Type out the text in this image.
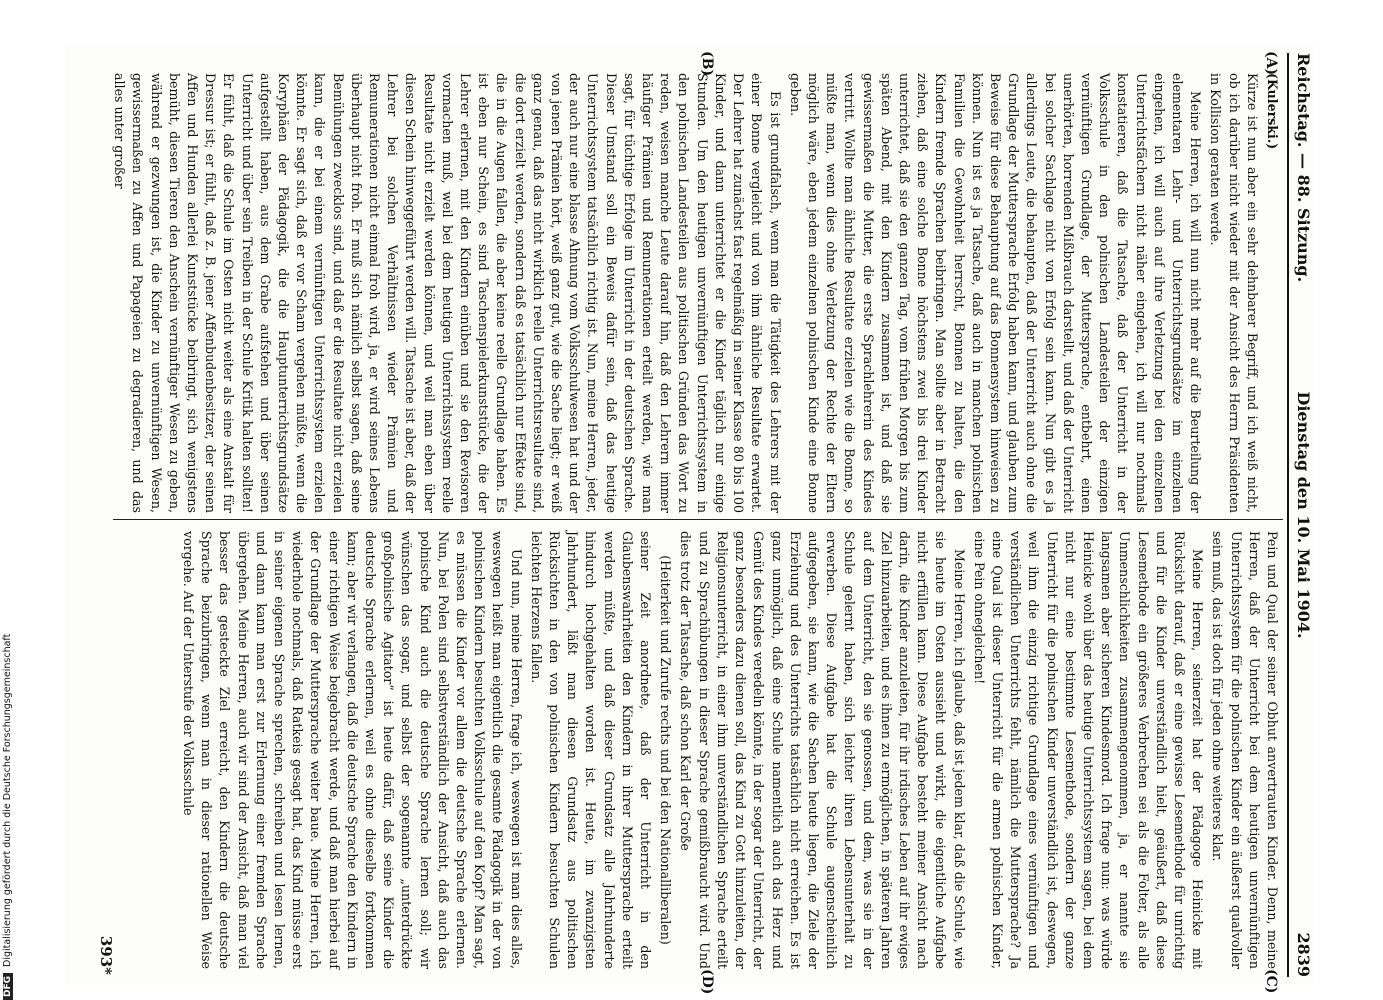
Reichstag. — 88. Sitzung.
Dienstag den 10. Mai 1904.
2839
(A)
(B)
(C)
(D)

(Kulerski.)

Kürze ist nun aber ein sehr dehnbarer Begriff, und ich weiß nicht, ob ich darüber nicht wieder mit der Ansicht des Herrn Präsidenten in Kollision geraten werde.

Meine Herren, ich will nun nicht mehr auf die Beurteilung der elementaren Lehr- und Unterrichtsgrundsätze im einzelnen eingehen, ich will auch auf ihre Verletzung bei den einzelnen Unterrichtsfächern nicht näher eingehen, ich will nur nochmals konstatieren, daß die Tatsache, daß der Unterricht in der Volksschule in den polnischen Landesteilen der einzigen vernünftigen Grundlage, der Muttersprache, entbehrt, einen unerhörten, horrenden Mißbrauch darstellt, und daß der Unterricht bei solcher Sachlage nicht von Erfolg sein kann. Nun gibt es ja allerdings Leute, die behaupten, daß der Unterricht auch ohne die Grundlage der Muttersprache Erfolg haben kann, und glauben zum Beweise für diese Behauptung auf das Bonnensystem hinweisen zu können. Nun ist es ja Tatsache, daß auch in manchen polnischen Familien die Gewohnheit herrscht, Bonnen zu halten, die den Kindern fremde Sprachen beibringen. Man sollte aber in Betracht ziehen, daß eine solche Bonne höchstens zwei bis drei Kinder unterrichtet, daß sie den ganzen Tag, vom frühen Morgen bis zum späten Abend, mit den Kindern zusammen ist, und daß sie gewissermaßen die Mutter, die erste Sprachlehrerin des Kindes vertritt. Wollte man ähnliche Resultate erzielen wie die Bonne, so müßte man, wenn dies ohne Verletzung der Rechte der Eltern möglich wäre, eben jedem einzelnen polnischen Kinde eine Bonne geben.

Es ist grundfalsch, wenn man die Tätigkeit des Lehrers mit der einer Bonne vergleicht und von ihm ähnliche Resultate erwartet. Der Lehrer hat zunächst fast regelmäßig in seiner Klasse 80 bis 100 Kinder, und dann unterrichtet er die Kinder täglich nur einige Stunden. Um den heutigen unvernünftigen Unterrichtssystem in den polnischen Landesteilen aus politischen Gründen das Wort zu reden, weisen manche Leute darauf hin, daß den Lehrern immer häufiger Prämien und Remunerationen erteilt werden, wie man sagt, für tüchtige Erfolge im Unterricht in der deutschen Sprache. Dieser Umstand soll ein Beweis dafür sein, daß das heutige Unterrichtssystem tatsächlich richtig ist. Nun, meine Herren, jeder, der auch nur eine blasse Ahnung vom Volksschulwesen hat und der von jenen Prämien hört, weiß ganz gut, wie die Sache liegt; er weiß ganz genau, daß das nicht wirklich reelle Unterrichtsresultate sind, die dort erzielt werden, sondern daß es tatsächlich nur Effekte sind, die in die Augen fallen, die aber keine reelle Grundlage haben. Es ist eben nur Schein, es sind Taschenspielerkunststücke, die der Lehrer erlernen, mit den Kindern einüben und sie den Revisoren vormachen muß, weil bei dem heutigen Unterrichtssystem reelle Resultate nicht erzielt werden können, und weil man eben über diesen Schein hinweggeführt werden will. Tatsache ist aber, daß der Lehrer bei solchen Verhältnissen wieder Prämien und Remunerationen nicht einmal froh wird, ja, er wird seines Lebens überhaupt nicht froh. Er muß sich nämlich selbst sagen, daß seine Bemühungen zwecklos sind, und daß er die Resultate nicht erzielen kann, die er bei einem vernünftigen Unterrichtssystem erzielen könnte. Er sagt sich, daß er vor Scham vergehen müßte, wenn die Koryphäen der Pädagogik, die die Hauptunterrichtsgrundsätze aufgestellt haben, aus dem Grabe aufstehen und über seinen Unterricht und über sein Treiben in der Schule Kritik halten sollten! Er fühlt, daß die Schule im Osten nicht weiter als eine Anstalt für Dressur ist; er fühlt, daß z. B. jener Affenbudenbesitzer, der seinen Affen und Hunden allerlei Kunststücke beibringt, sich wenigstens bemüht, diesen Tieren den Anschein vernünftiger Wesen zu geben, während er gezwungen ist, die Kinder zu unvernünftigen Wesen, gewissermaßen zu Affen und Papageien zu degradieren, und das alles unter großer

Pein und Qual der seiner Obhut anvertrauten Kinder. Denn, meine Herren, daß der Unterricht bei dem heutigen unvernünftigen Unterrichtssystem für die polnischen Kinder ein äußerst qualvoller sein muß, das ist doch für jeden ohne weiteres klar.

Meine Herren, seinerzeit hat der Pädagoge Heinicke mit Rücksicht darauf, daß er eine gewisse Lesemethode für unrichtig und für die Kinder unverständlich hielt, geäußert, daß diese Lesemethode ein größeres Verbrechen sei als die Folter, als alle Unmenschlichkeiten zusammengenommen, ja, er nannte sie langsamen aber sicheren Kindesmord. Ich frage nun: was würde Heinicke wohl über das heutige Unterrichtssystem sagen, bei dem nicht nur eine bestimmte Lesemethode, sondern der ganze Unterricht für die polnischen Kinder unverständlich ist, deswegen, weil ihm die einzig richtige Grundlage eines vernünftigen und verständlichen Unterrichts fehlt, nämlich die Muttersprache? Ja eine Qual ist dieser Unterricht für die armen polnischen Kinder, eine Pein ohnegleichen!

Meine Herren, ich glaube, daß ist jedem klar, daß die Schule, wie sie heute im Osten aussieht und wirkt, die eigentliche Aufgabe nicht erfüllen kann. Diese Aufgabe besteht meiner Ansicht nach darin, die Kinder anzuleiten, für ihr irdisches Leben auf ihr ewiges Ziel hinzuarbeiten, und es ihnen zu ermöglichen, in späteren Jahren auf dem Unterricht, den sie genossen, und dem, was sie in der Schule gelernt haben, sich leichter ihren Lebensunterhalt zu erwerben. Diese Aufgabe hat die Schule augenscheinlich aufgegeben, sie kann, wie die Sachen heute liegen, die Ziele der Erziehung und des Unterrichts tatsächlich nicht erreichen. Es ist ganz unmöglich, daß eine Schule namentlich auch das Herz und Gemüt des Kindes veredeln könnte, in der sogar der Unterricht, der ganz besonders dazu dienen soll, das Kind zu Gott hinzuleiten, der Religionsunterricht, in einer ihm unverständlichen Sprache erteilt und zu Sprachübungen in dieser Sprache gemißbraucht wird. Und dies trotz der Tatsache, daß schon Karl der Große

(Heiterkeit und Zurufe rechts und bei den Nationalliberalen)

seiner Zeit anordnete, daß der Unterricht in den Glaubenswahrheiten den Kindern in ihrer Muttersprache erteilt werden müßte, und daß dieser Grundsatz alle Jahrhunderte hindurch hochgehalten worden ist. Heute, im zwanzigsten Jahrhundert, läßt man diesen Grundsatz aus politischen Rücksichten in den von polnischen Kindern besuchten Schulen leichten Herzens fallen.

Und nun, meine Herren, frage ich, weswegen ist man dies alles, weswegen heißt man eigentlich die gesamte Pädagogik in der von polnischen Kindern besuchten Volksschule auf den Kopf? Man sagt, es müssen die Kinder vor allem die deutsche Sprache erlernen. Nun, bei Polen sind selbstverständlich der Ansicht, daß auch das polnische Kind auch die deutsche Sprache lernen soll; wir wünschen das sogar, und selbst der sogenannte „unterdrückte großpolnische Agitator“ ist heute dafür, daß seine Kinder die deutsche Sprache erlernen, weil es ohne dieselbe fortkommen kann; aber wir verlangen, daß die deutsche Sprache den Kindern in einer richtigen Weise beigebracht werde, und daß man hierbei auf der Grundlage der Muttersprache weiter baue. Meine Herren, ich wiederhole nochmals, daß Ratkeis gesagt hat, das Kind müsse erst in seiner eigenen Sprache sprechen, schreiben und lesen lernen, und dann kann man erst zur Erlernung einer fremden Sprache übergehen. Meine Herren, auch wir sind der Ansicht, daß man viel besser das gesteckte Ziel erreicht, den Kindern die deutsche Sprache beizubringen, wenn man in dieser rationellen Weise vorgehe. Auf der Unterstufe der Volksschule

393*
DFGDigitalisierung gefördert durch die Deutsche Forschungsgemeinschaft
